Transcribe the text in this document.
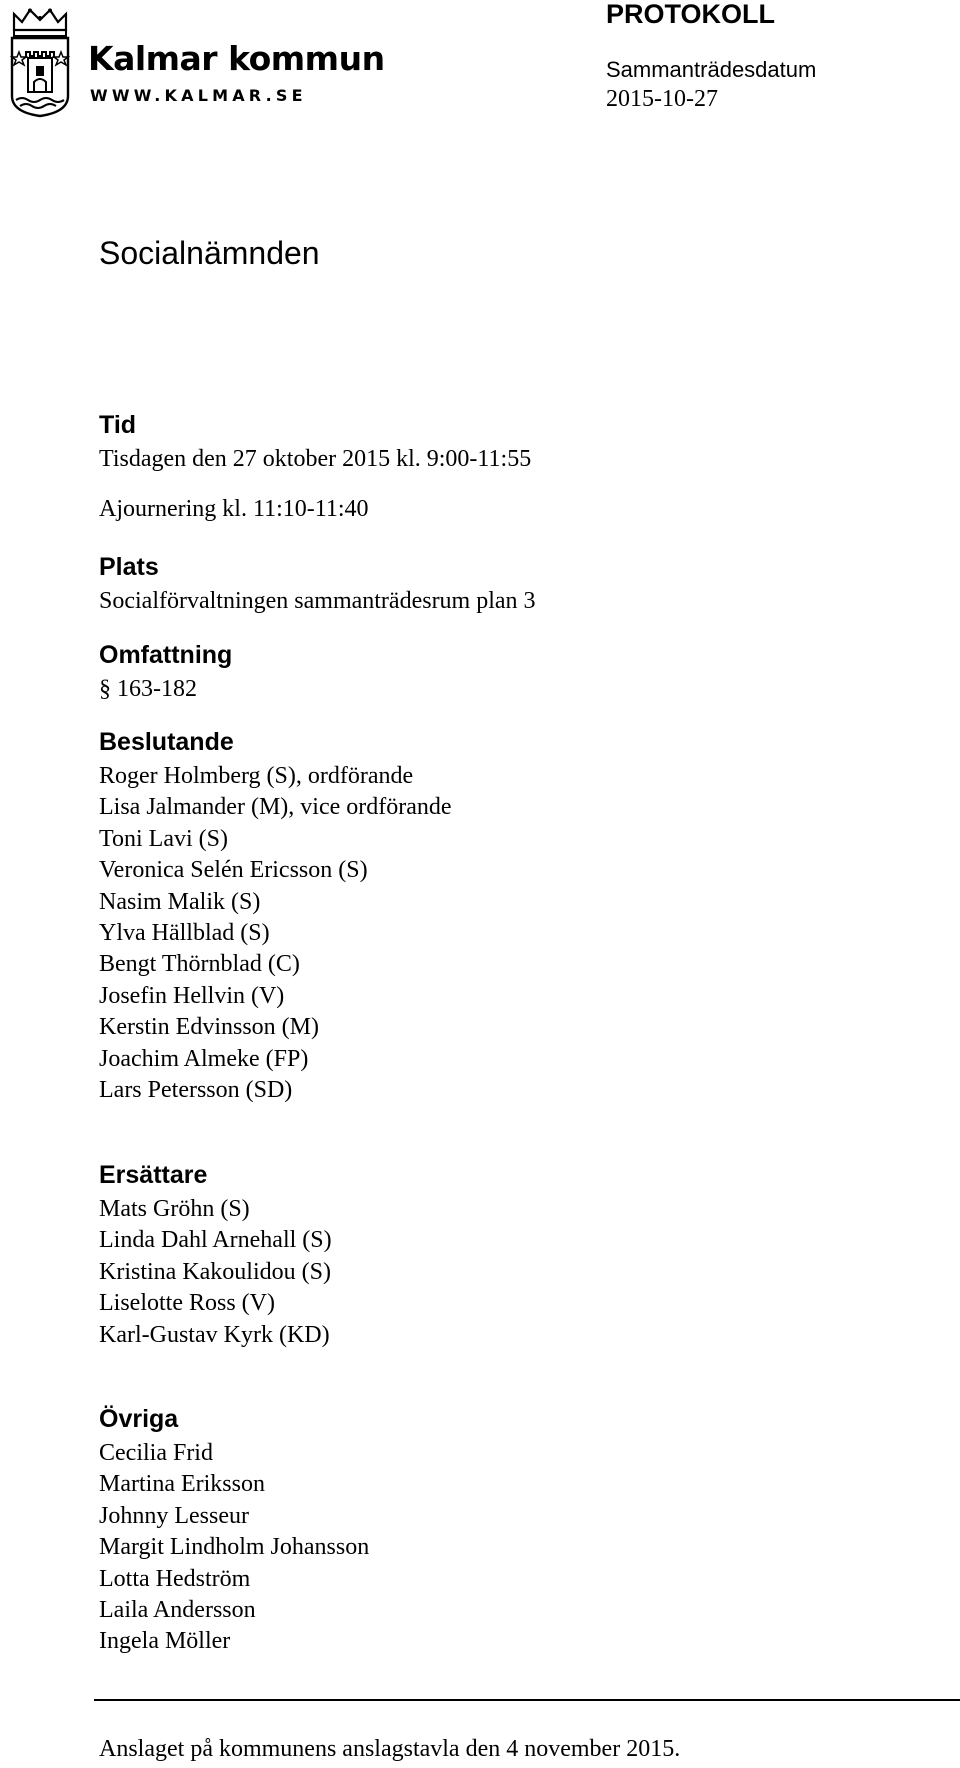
Kalmar kommun
WWW.KALMAR.SE
PROTOKOLL
Sammanträdesdatum
2015-10-27
Socialnämnden
Tid

Tisdagen den 27 oktober 2015 kl. 9:00-11:55

Ajournering kl. 11:10-11:40

Plats

Socialförvaltningen sammanträdesrum plan 3

Omfattning

§ 163-182

Beslutande
Roger Holmberg (S), ordförande
Lisa Jalmander (M), vice ordförande
Toni Lavi (S)
Veronica Selén Ericsson (S)
Nasim Malik (S)
Ylva Hällblad (S)
Bengt Thörnblad (C)
Josefin Hellvin (V)
Kerstin Edvinsson (M)
Joachim Almeke (FP)
Lars Petersson (SD)
Ersättare
Mats Gröhn (S)
Linda Dahl Arnehall (S)
Kristina Kakoulidou (S)
Liselotte Ross (V)
Karl-Gustav Kyrk (KD)
Övriga
Cecilia Frid
Martina Eriksson
Johnny Lesseur
Margit Lindholm Johansson
Lotta Hedström
Laila Andersson
Ingela Möller
Anslaget på kommunens anslagstavla den 4 november 2015.
